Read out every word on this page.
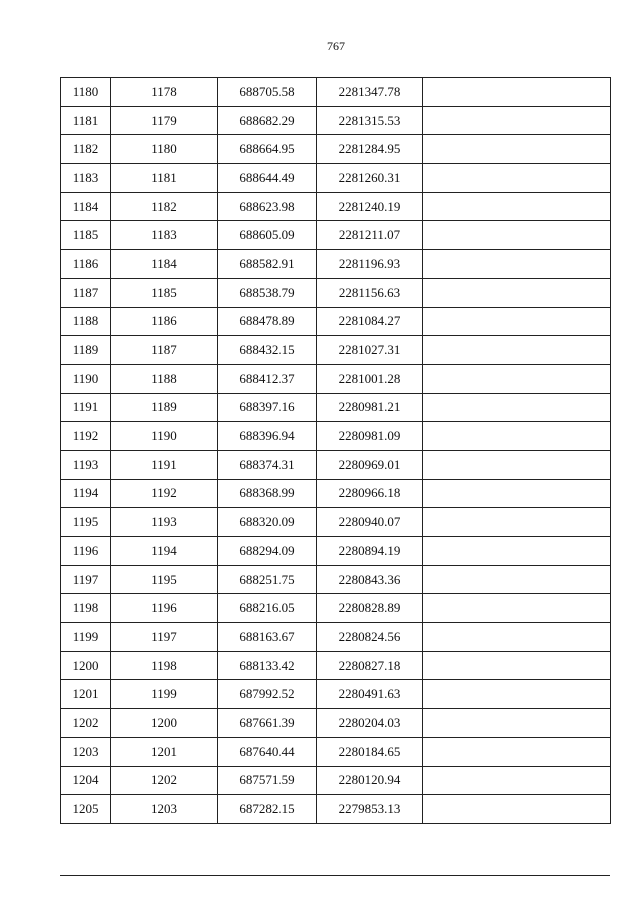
767
1180	1178	688705.58	2281347.78	
1181	1179	688682.29	2281315.53	
1182	1180	688664.95	2281284.95	
1183	1181	688644.49	2281260.31	
1184	1182	688623.98	2281240.19	
1185	1183	688605.09	2281211.07	
1186	1184	688582.91	2281196.93	
1187	1185	688538.79	2281156.63	
1188	1186	688478.89	2281084.27	
1189	1187	688432.15	2281027.31	
1190	1188	688412.37	2281001.28	
1191	1189	688397.16	2280981.21	
1192	1190	688396.94	2280981.09	
1193	1191	688374.31	2280969.01	
1194	1192	688368.99	2280966.18	
1195	1193	688320.09	2280940.07	
1196	1194	688294.09	2280894.19	
1197	1195	688251.75	2280843.36	
1198	1196	688216.05	2280828.89	
1199	1197	688163.67	2280824.56	
1200	1198	688133.42	2280827.18	
1201	1199	687992.52	2280491.63	
1202	1200	687661.39	2280204.03	
1203	1201	687640.44	2280184.65	
1204	1202	687571.59	2280120.94	
1205	1203	687282.15	2279853.13	
